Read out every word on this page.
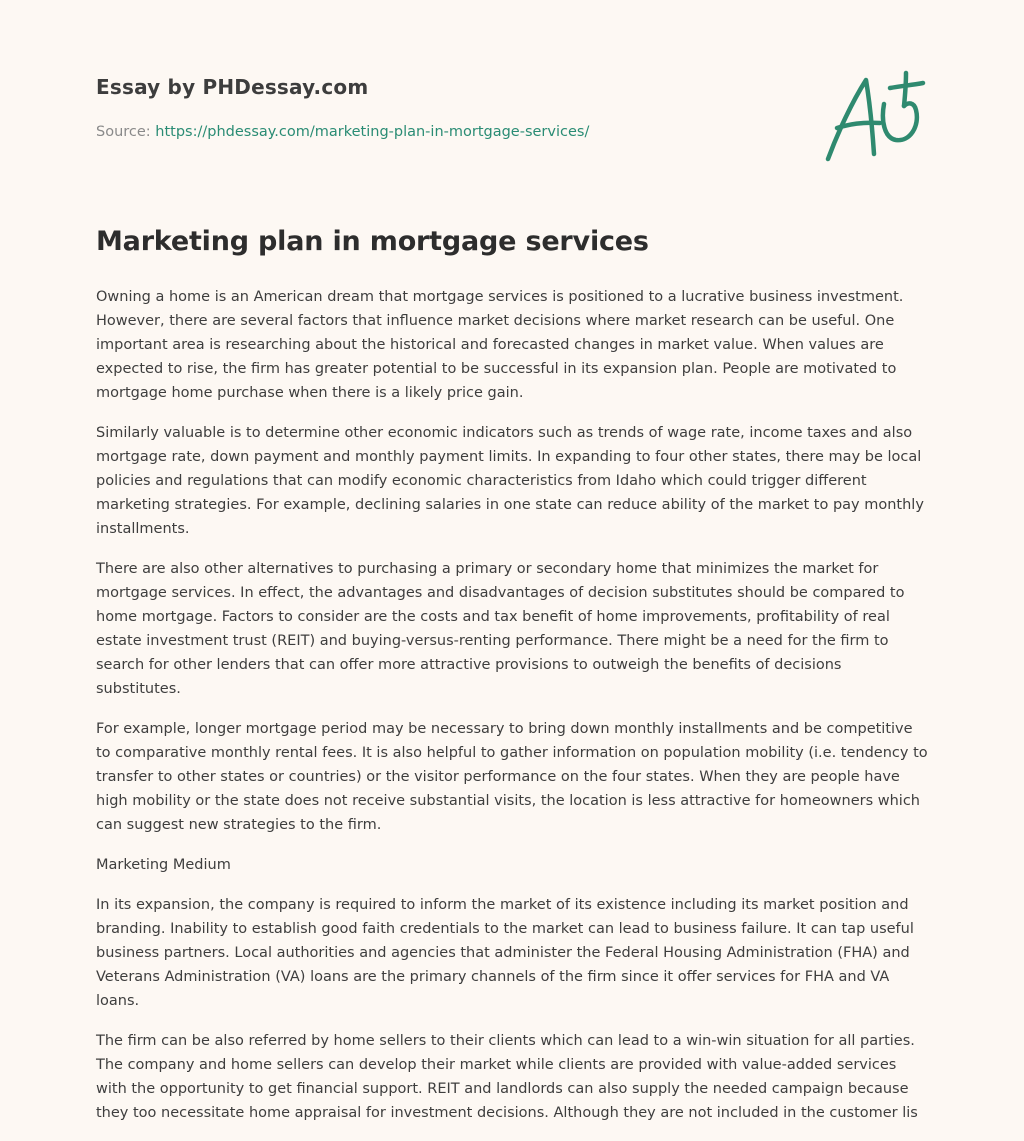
Essay by PHDessay.com
Source: https://phdessay.com/marketing-plan-in-mortgage-services/
Marketing plan in mortgage services

Owning a home is an American dream that mortgage services is positioned to a lucrative business investment. However, there are several factors that influence market decisions where market research can be useful. One important area is researching about the historical and forecasted changes in market value. When values are expected to rise, the firm has greater potential to be successful in its expansion plan. People are motivated to mortgage home purchase when there is a likely price gain.

Similarly valuable is to determine other economic indicators such as trends of wage rate, income taxes and also mortgage rate, down payment and monthly payment limits. In expanding to four other states, there may be local policies and regulations that can modify economic characteristics from Idaho which could trigger different marketing strategies. For example, declining salaries in one state can reduce ability of the market to pay monthly installments.

There are also other alternatives to purchasing a primary or secondary home that minimizes the market for mortgage services. In effect, the advantages and disadvantages of decision substitutes should be compared to home mortgage. Factors to consider are the costs and tax benefit of home improvements, profitability of real estate investment trust (REIT) and buying-versus-renting performance. There might be a need for the firm to search for other lenders that can offer more attractive provisions to outweigh the benefits of decisions substitutes.

For example, longer mortgage period may be necessary to bring down monthly installments and be competitive to comparative monthly rental fees. It is also helpful to gather information on population mobility (i.e. tendency to transfer to other states or countries) or the visitor performance on the four states. When they are people have high mobility or the state does not receive substantial visits, the location is less attractive for homeowners which can suggest new strategies to the firm.

Marketing Medium

In its expansion, the company is required to inform the market of its existence including its market position and branding. Inability to establish good faith credentials to the market can lead to business failure. It can tap useful business partners. Local authorities and agencies that administer the Federal Housing Administration (FHA) and Veterans Administration (VA) loans are the primary channels of the firm since it offer services for FHA and VA loans.

The firm can be also referred by home sellers to their clients which can lead to a win-win situation for all parties. The company and home sellers can develop their market while clients are provided with value-added services with the opportunity to get financial support. REIT and landlords can also supply the needed campaign because they too necessitate home appraisal for investment decisions. Although they are not included in the customer lis
